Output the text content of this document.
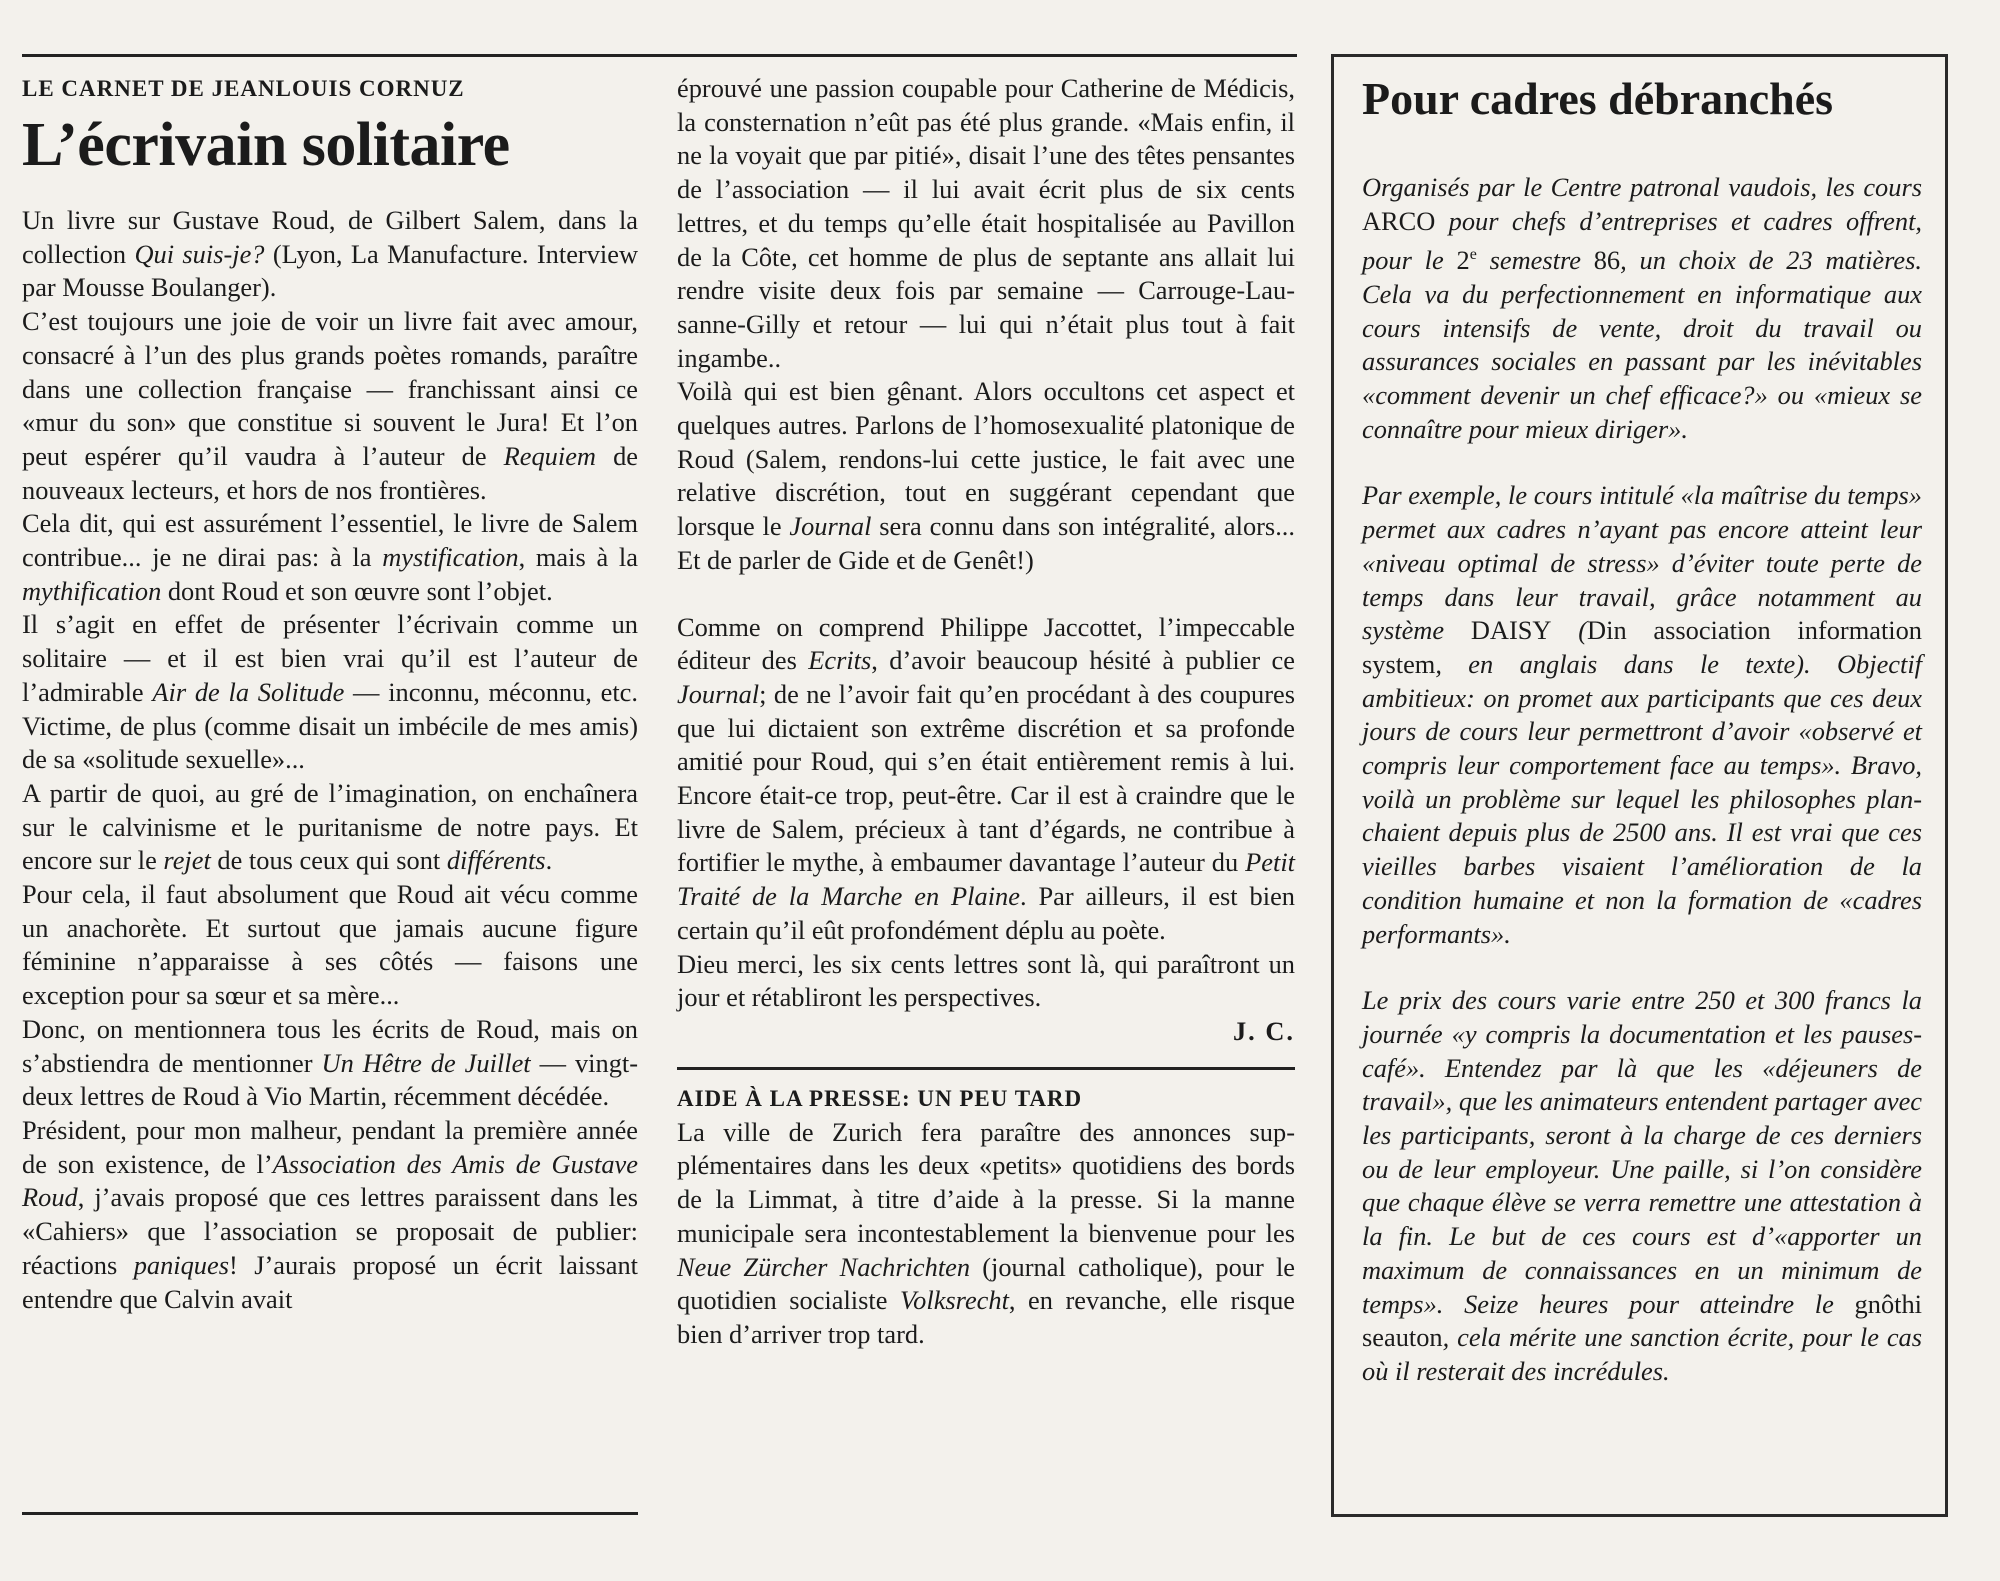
LE CARNET DE JEANLOUIS CORNUZ
L’écrivain solitaire

Un livre sur Gustave Roud, de Gilbert Salem, dans la collection Qui suis-je? (Lyon, La Manufacture. Interview par Mousse Boulanger).

C’est toujours une joie de voir un livre fait avec amour, consacré à l’un des plus grands poètes romands, paraître dans une collection française — franchissant ainsi ce «mur du son» que constitue si souvent le Jura! Et l’on peut espérer qu’il vaudra à l’auteur de Requiem de nouveaux lecteurs, et hors de nos frontières.

Cela dit, qui est assurément l’essentiel, le livre de Salem contribue... je ne dirai pas: à la mystification, mais à la mythification dont Roud et son œuvre sont l’objet.

Il s’agit en effet de présenter l’écrivain comme un solitaire — et il est bien vrai qu’il est l’auteur de l’admirable Air de la Solitude — inconnu, méconnu, etc. Victime, de plus (comme disait un imbécile de mes amis) de sa «solitude sexuelle»...

A partir de quoi, au gré de l’imagination, on enchaînera sur le calvinisme et le puritanisme de notre pays. Et encore sur le rejet de tous ceux qui sont différents.

Pour cela, il faut absolument que Roud ait vécu comme un anachorète. Et surtout que jamais aucune figure féminine n’apparaisse à ses côtés — faisons une exception pour sa sœur et sa mère...

Donc, on mentionnera tous les écrits de Roud, mais on s’abstiendra de mentionner Un Hêtre de Juillet — vingt-deux lettres de Roud à Vio Martin, récemment décédée.

Président, pour mon malheur, pendant la première année de son existence, de l’Association des Amis de Gustave Roud, j’avais proposé que ces lettres paraissent dans les «Cahiers» que l’association se proposait de publier: réactions paniques! J’aurais proposé un écrit laissant entendre que Calvin avait

éprouvé une passion coupable pour Catherine de Médicis, la consternation n’eût pas été plus grande. «Mais enfin, il ne la voyait que par pitié», disait l’une des têtes pensantes de l’association — il lui avait écrit plus de six cents lettres, et du temps qu’elle était hospitalisée au Pavillon de la Côte, cet homme de plus de septante ans allait lui rendre visite deux fois par semaine — Carrouge-Lausanne-Gilly et retour — lui qui n’était plus tout à fait ingambe..

Voilà qui est bien gênant. Alors occultons cet aspect et quelques autres. Parlons de l’homosexualité platonique de Roud (Salem, rendons-lui cette justice, le fait avec une relative discrétion, tout en suggérant cependant que lorsque le Journal sera connu dans son intégralité, alors... Et de parler de Gide et de Genêt!)

Comme on comprend Philippe Jaccottet, l’impeccable éditeur des Ecrits, d’avoir beaucoup hésité à publier ce Journal; de ne l’avoir fait qu’en procédant à des coupures que lui dictaient son extrême discrétion et sa profonde amitié pour Roud, qui s’en était entièrement remis à lui. Encore était-ce trop, peut-être. Car il est à craindre que le livre de Salem, précieux à tant d’égards, ne contribue à fortifier le mythe, à embaumer davantage l’auteur du Petit Traité de la Marche en Plaine. Par ailleurs, il est bien certain qu’il eût profondément déplu au poète.

Dieu merci, les six cents lettres sont là, qui paraîtront un jour et rétabliront les perspectives.

J. C.
AIDE À LA PRESSE: UN PEU TARD

La ville de Zurich fera paraître des annonces supplémentaires dans les deux «petits» quotidiens des bords de la Limmat, à titre d’aide à la presse. Si la manne municipale sera incontestablement la bienvenue pour les Neue Zürcher Nachrichten (journal catholique), pour le quotidien socialiste Volksrecht, en revanche, elle risque bien d’arriver trop tard.

Pour cadres débranchés

Organisés par le Centre patronal vaudois, les cours ARCO pour chefs d’entreprises et cadres offrent, pour le 2e semestre 86, un choix de 23 matières. Cela va du perfectionnement en informatique aux cours intensifs de vente, droit du travail ou assurances sociales en passant par les inévitables «comment devenir un chef efficace?» ou «mieux se connaître pour mieux diriger».

Par exemple, le cours intitulé «la maîtrise du temps» permet aux cadres n’ayant pas encore atteint leur «niveau optimal de stress» d’éviter toute perte de temps dans leur travail, grâce notamment au système DAISY (Din association information system, en anglais dans le texte). Objectif ambitieux: on promet aux participants que ces deux jours de cours leur permettront d’avoir «observé et compris leur comportement face au temps». Bravo, voilà un problème sur lequel les philosophes planchaient depuis plus de 2500 ans. Il est vrai que ces vieilles barbes visaient l’amélioration de la condition humaine et non la formation de «cadres performants».

Le prix des cours varie entre 250 et 300 francs la journée «y compris la documentation et les pauses-café». Entendez par là que les «déjeuners de travail», que les animateurs entendent partager avec les participants, seront à la charge de ces derniers ou de leur employeur. Une paille, si l’on considère que chaque élève se verra remettre une attestation à la fin. Le but de ces cours est d’«apporter un maximum de connaissances en un minimum de temps». Seize heures pour atteindre le gnôthi seauton, cela mérite une sanction écrite, pour le cas où il resterait des incrédules.
